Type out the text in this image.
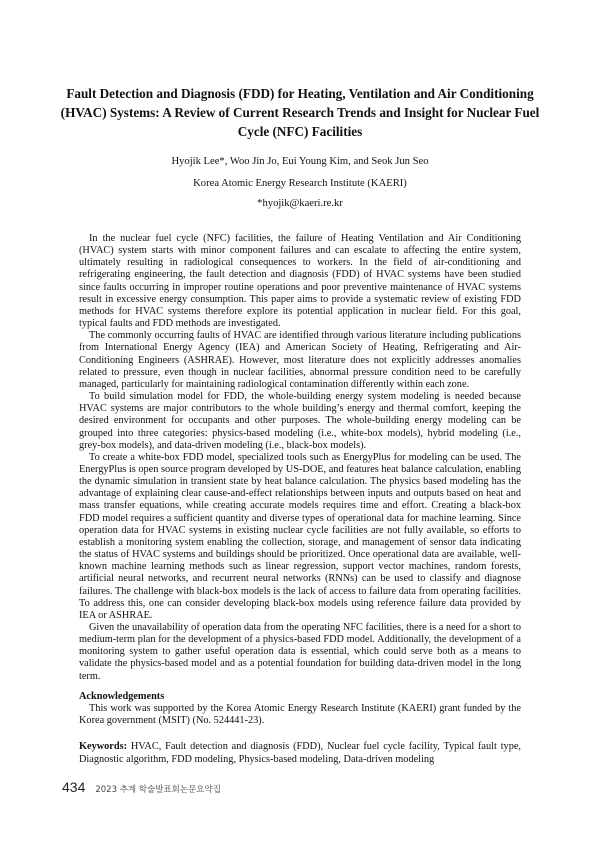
Fault Detection and Diagnosis (FDD) for Heating, Ventilation and Air Conditioning (HVAC) Systems: A Review of Current Research Trends and Insight for Nuclear Fuel Cycle (NFC) Facilities
Hyojik Lee*, Woo Jin Jo, Eui Young Kim, and Seok Jun Seo
Korea Atomic Energy Research Institute (KAERI)
*hyojik@kaeri.re.kr

In the nuclear fuel cycle (NFC) facilities, the failure of Heating Ventilation and Air Conditioning (HVAC) system starts with minor component failures and can escalate to affecting the entire system, ultimately resulting in radiological consequences to workers. In the field of air-conditioning and refrigerating engineering, the fault detection and diagnosis (FDD) of HVAC systems have been studied since faults occurring in improper routine operations and poor preventive maintenance of HVAC systems result in excessive energy consumption. This paper aims to provide a systematic review of existing FDD methods for HVAC systems therefore explore its potential application in nuclear field. For this goal, typical faults and FDD methods are investigated.

The commonly occurring faults of HVAC are identified through various literature including publications from International Energy Agency (IEA) and American Society of Heating, Refrigerating and Air-Conditioning Engineers (ASHRAE). However, most literature does not explicitly addresses anomalies related to pressure, even though in nuclear facilities, abnormal pressure condition need to be carefully managed, particularly for maintaining radiological contamination differently within each zone.

To build simulation model for FDD, the whole-building energy system modeling is needed because HVAC systems are major contributors to the whole building’s energy and thermal comfort, keeping the desired environment for occupants and other purposes. The whole-building energy modeling can be grouped into three categories: physics-based modeling (i.e., white-box models), hybrid modeling (i.e., grey-box models), and data-driven modeling (i.e., black-box models).

To create a white-box FDD model, specialized tools such as EnergyPlus for modeling can be used. The EnergyPlus is open source program developed by US-DOE, and features heat balance calculation, enabling the dynamic simulation in transient state by heat balance calculation. The physics based modeling has the advantage of explaining clear cause-and-effect relationships between inputs and outputs based on heat and mass transfer equations, while creating accurate models requires time and effort. Creating a black-box FDD model requires a sufficient quantity and diverse types of operational data for machine learning. Since operation data for HVAC systems in existing nuclear cycle facilities are not fully available, so efforts to establish a monitoring system enabling the collection, storage, and management of sensor data indicating the status of HVAC systems and buildings should be prioritized. Once operational data are available, well-known machine learning methods such as linear regression, support vector machines, random forests, artificial neural networks, and recurrent neural networks (RNNs) can be used to classify and diagnose failures. The challenge with black-box models is the lack of access to failure data from operating facilities. To address this, one can consider developing black-box models using reference failure data provided by IEA or ASHRAE.

Given the unavailability of operation data from the operating NFC facilities, there is a need for a short to medium-term plan for the development of a physics-based FDD model. Additionally, the development of a monitoring system to gather useful operation data is essential, which could serve both as a means to validate the physics-based model and as a potential foundation for building data-driven model in the long term.

Acknowledgements

This work was supported by the Korea Atomic Energy Research Institute (KAERI) grant funded by the Korea government (MSIT) (No. 524441-23).

Keywords: HVAC, Fault detection and diagnosis (FDD), Nuclear fuel cycle facility, Typical fault type, Diagnostic algorithm, FDD modeling, Physics-based modeling, Data-driven modeling
434 2023 추계 학술발표회논문요약집
